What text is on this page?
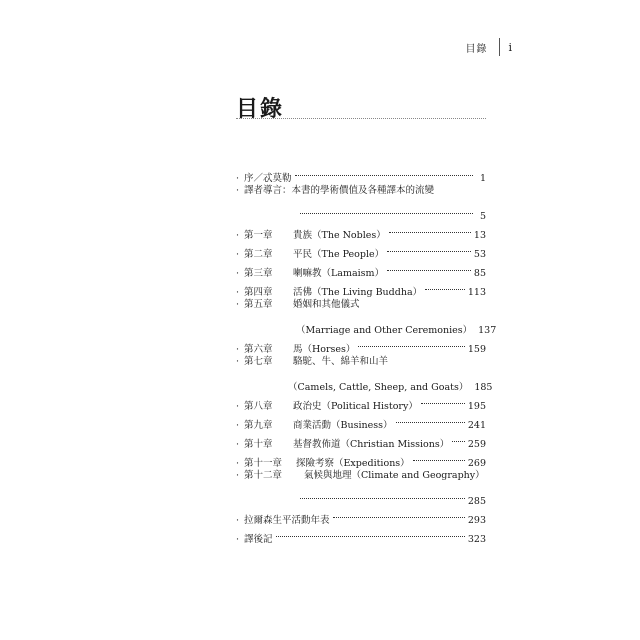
目錄 i
目錄
· 序／忒莫勒	1
· 譯者導言：本書的學術價值及各種譯本的流變
5
· 第一章	貴族（The Nobles）	13
· 第二章	平民（The People）	53
· 第三章	喇嘛教（Lamaism）	85
· 第四章	活佛（The Living Buddha）	113
· 第五章	婚姻和其他儀式
（Marriage and Other Ceremonies） 137
· 第六章	馬（Horses）	159
· 第七章	駱駝、牛、綿羊和山羊
（Camels, Cattle, Sheep, and Goats） 185
· 第八章	政治史（Political History）	195
· 第九章	商業活動（Business）	241
· 第十章	基督教佈道（Christian Missions） 259
· 第十一章	探險考察（Expeditions）	269
· 第十二章	氣候與地理（Climate and Geography）
285
· 拉爾森生平活動年表	293
· 譯後記	323
